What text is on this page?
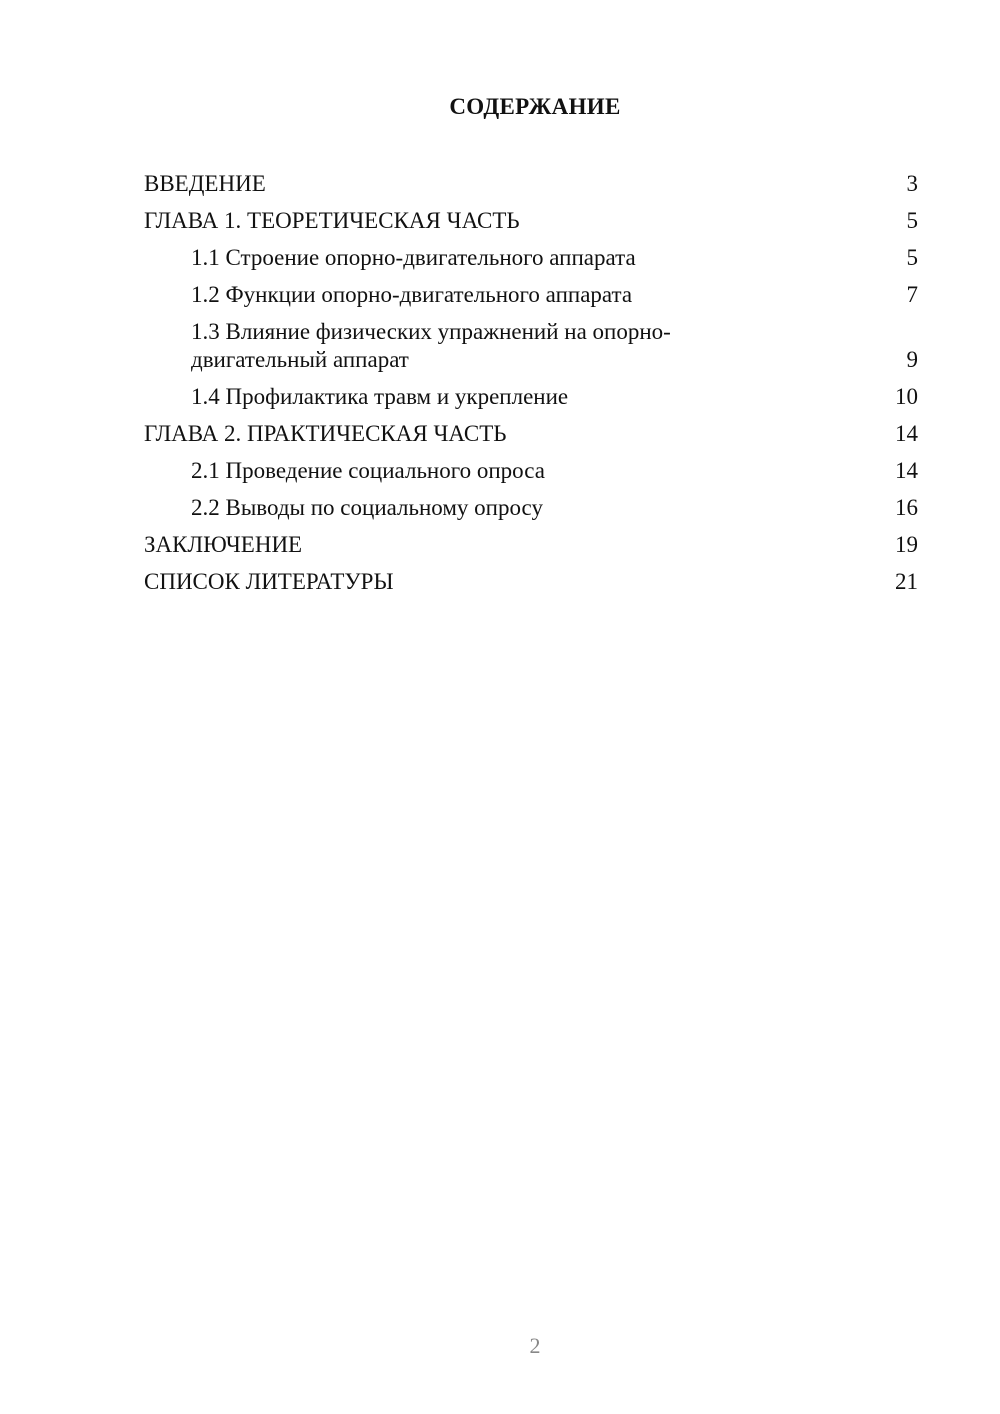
СОДЕРЖАНИЕ
ВВЕДЕНИЕ	3
ГЛАВА 1. ТЕОРЕТИЧЕСКАЯ ЧАСТЬ	5
1.1 Строение опорно-двигательного аппарата	5
1.2 Функции опорно-двигательного аппарата	7
1.3 Влияние физических упражнений на опорно-двигательный аппарат	9
1.4 Профилактика травм и укрепление	10
ГЛАВА 2. ПРАКТИЧЕСКАЯ ЧАСТЬ	14
2.1 Проведение социального опроса	14
2.2 Выводы по социальному опросу	16
ЗАКЛЮЧЕНИЕ	19
СПИСОК ЛИТЕРАТУРЫ	21
2
